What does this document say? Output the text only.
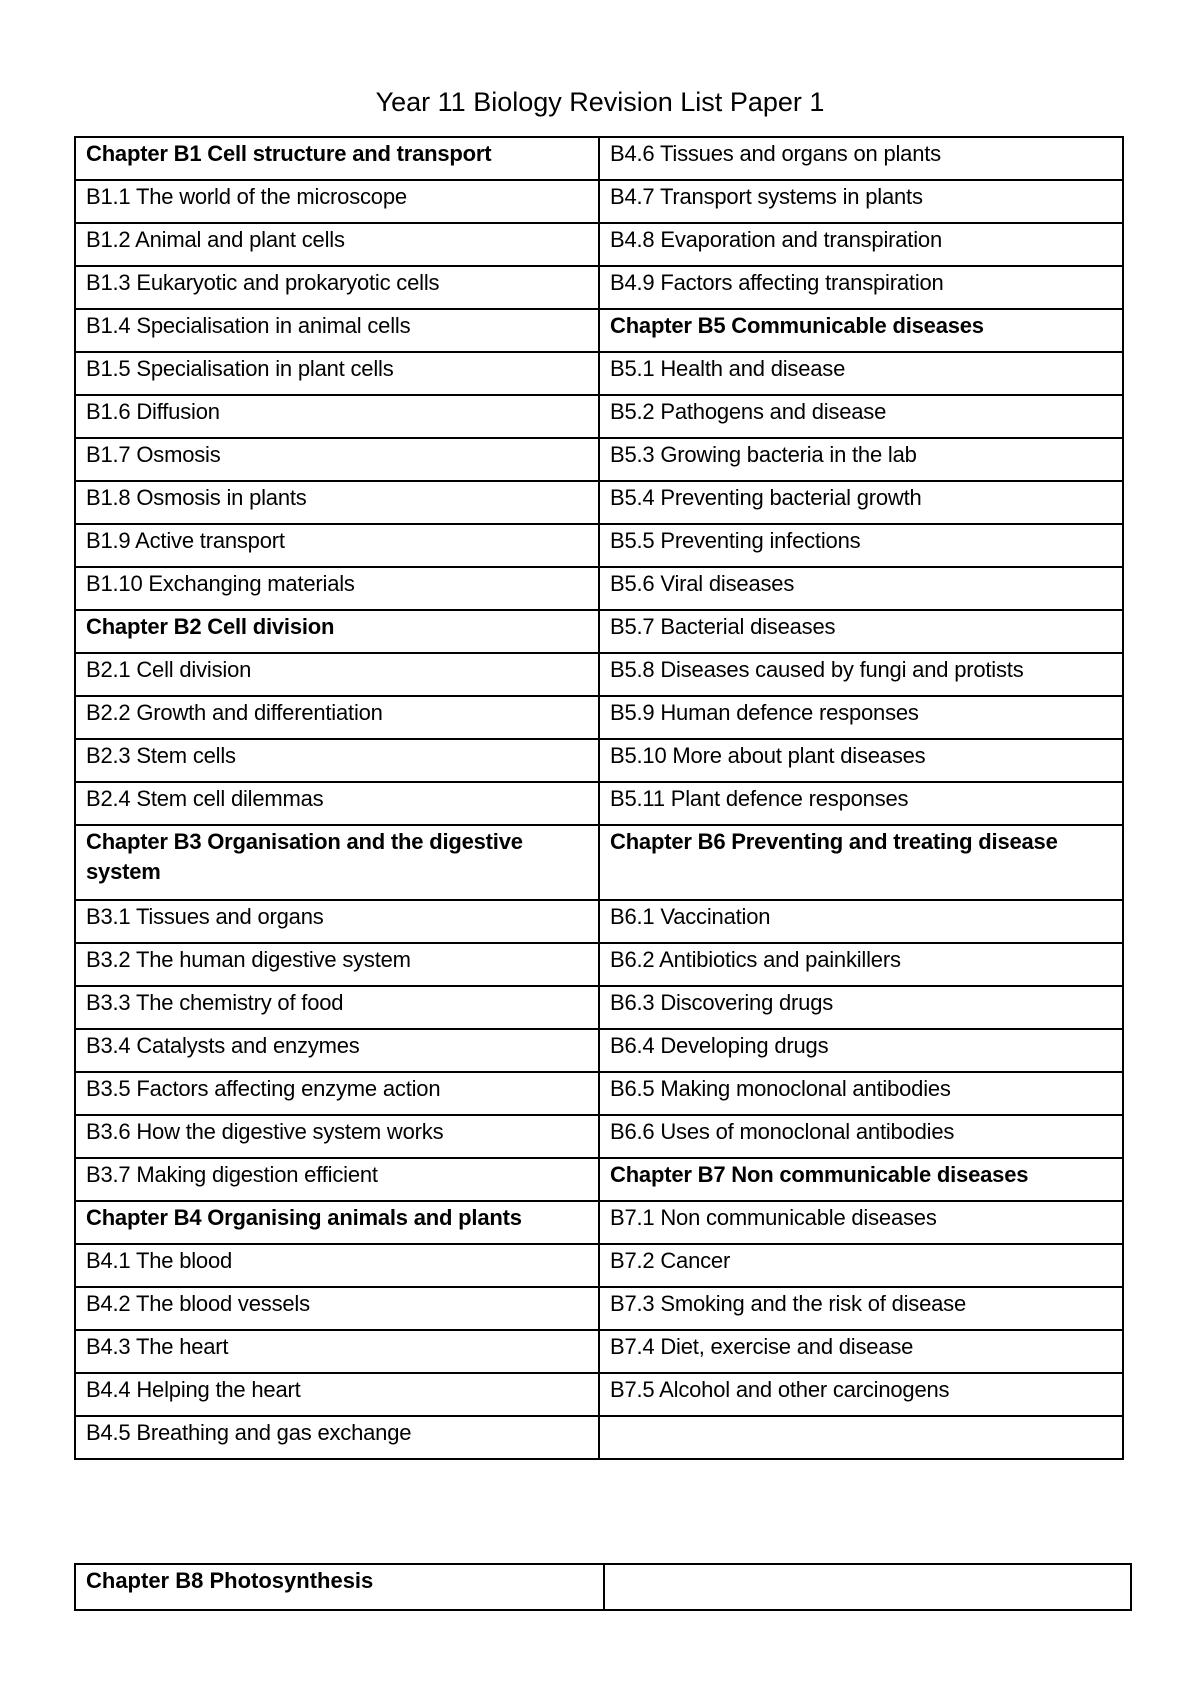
Year 11 Biology Revision List Paper 1
Chapter B1 Cell structure and transport	B4.6 Tissues and organs on plants
B1.1 The world of the microscope	B4.7 Transport systems in plants
B1.2 Animal and plant cells	B4.8 Evaporation and transpiration
B1.3 Eukaryotic and prokaryotic cells	B4.9 Factors affecting transpiration
B1.4 Specialisation in animal cells	Chapter B5 Communicable diseases
B1.5 Specialisation in plant cells	B5.1 Health and disease
B1.6 Diffusion	B5.2 Pathogens and disease
B1.7 Osmosis	B5.3 Growing bacteria in the lab
B1.8 Osmosis in plants	B5.4 Preventing bacterial growth
B1.9 Active transport	B5.5 Preventing infections
B1.10 Exchanging materials	B5.6 Viral diseases
Chapter B2 Cell division	B5.7 Bacterial diseases
B2.1 Cell division	B5.8 Diseases caused by fungi and protists
B2.2 Growth and differentiation	B5.9 Human defence responses
B2.3 Stem cells	B5.10 More about plant diseases
B2.4 Stem cell dilemmas	B5.11 Plant defence responses
Chapter B3 Organisation and the digestive system	Chapter B6 Preventing and treating disease
B3.1 Tissues and organs	B6.1 Vaccination
B3.2 The human digestive system	B6.2 Antibiotics and painkillers
B3.3 The chemistry of food	B6.3 Discovering drugs
B3.4 Catalysts and enzymes	B6.4 Developing drugs
B3.5 Factors affecting enzyme action	B6.5 Making monoclonal antibodies
B3.6 How the digestive system works	B6.6 Uses of monoclonal antibodies
B3.7 Making digestion efficient	Chapter B7 Non communicable diseases
Chapter B4 Organising animals and plants	B7.1 Non communicable diseases
B4.1 The blood	B7.2 Cancer
B4.2 The blood vessels	B7.3 Smoking and the risk of disease
B4.3 The heart	B7.4 Diet, exercise and disease
B4.4 Helping the heart	B7.5 Alcohol and other carcinogens
B4.5 Breathing and gas exchange	
Chapter B8 Photosynthesis
